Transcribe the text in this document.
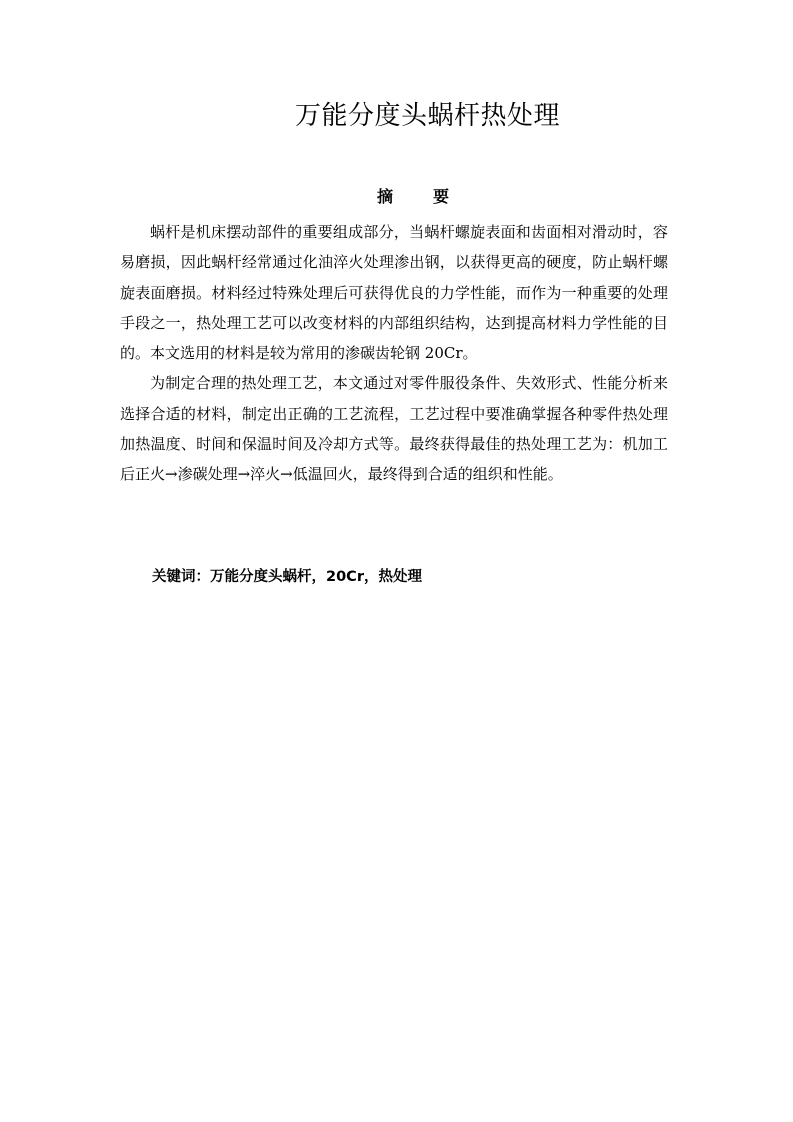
万能分度头蜗杆热处理
摘	要

蜗杆是机床摆动部件的重要组成部分，当蜗杆螺旋表面和齿面相对滑动时，容易磨损，因此蜗杆经常通过化油淬火处理渗出钢，以获得更高的硬度，防止蜗杆螺旋表面磨损。材料经过特殊处理后可获得优良的力学性能，而作为一种重要的处理手段之一，热处理工艺可以改变材料的内部组织结构，达到提高材料力学性能的目的。本文选用的材料是较为常用的渗碳齿轮钢 20Cr。

为制定合理的热处理工艺，本文通过对零件服役条件、失效形式、性能分析来选择合适的材料，制定出正确的工艺流程，工艺过程中要准确掌握各种零件热处理加热温度、时间和保温时间及冷却方式等。最终获得最佳的热处理工艺为：机加工后正火→渗碳处理→淬火→低温回火，最终得到合适的组织和性能。

关键词：万能分度头蜗杆，20Cr，热处理
